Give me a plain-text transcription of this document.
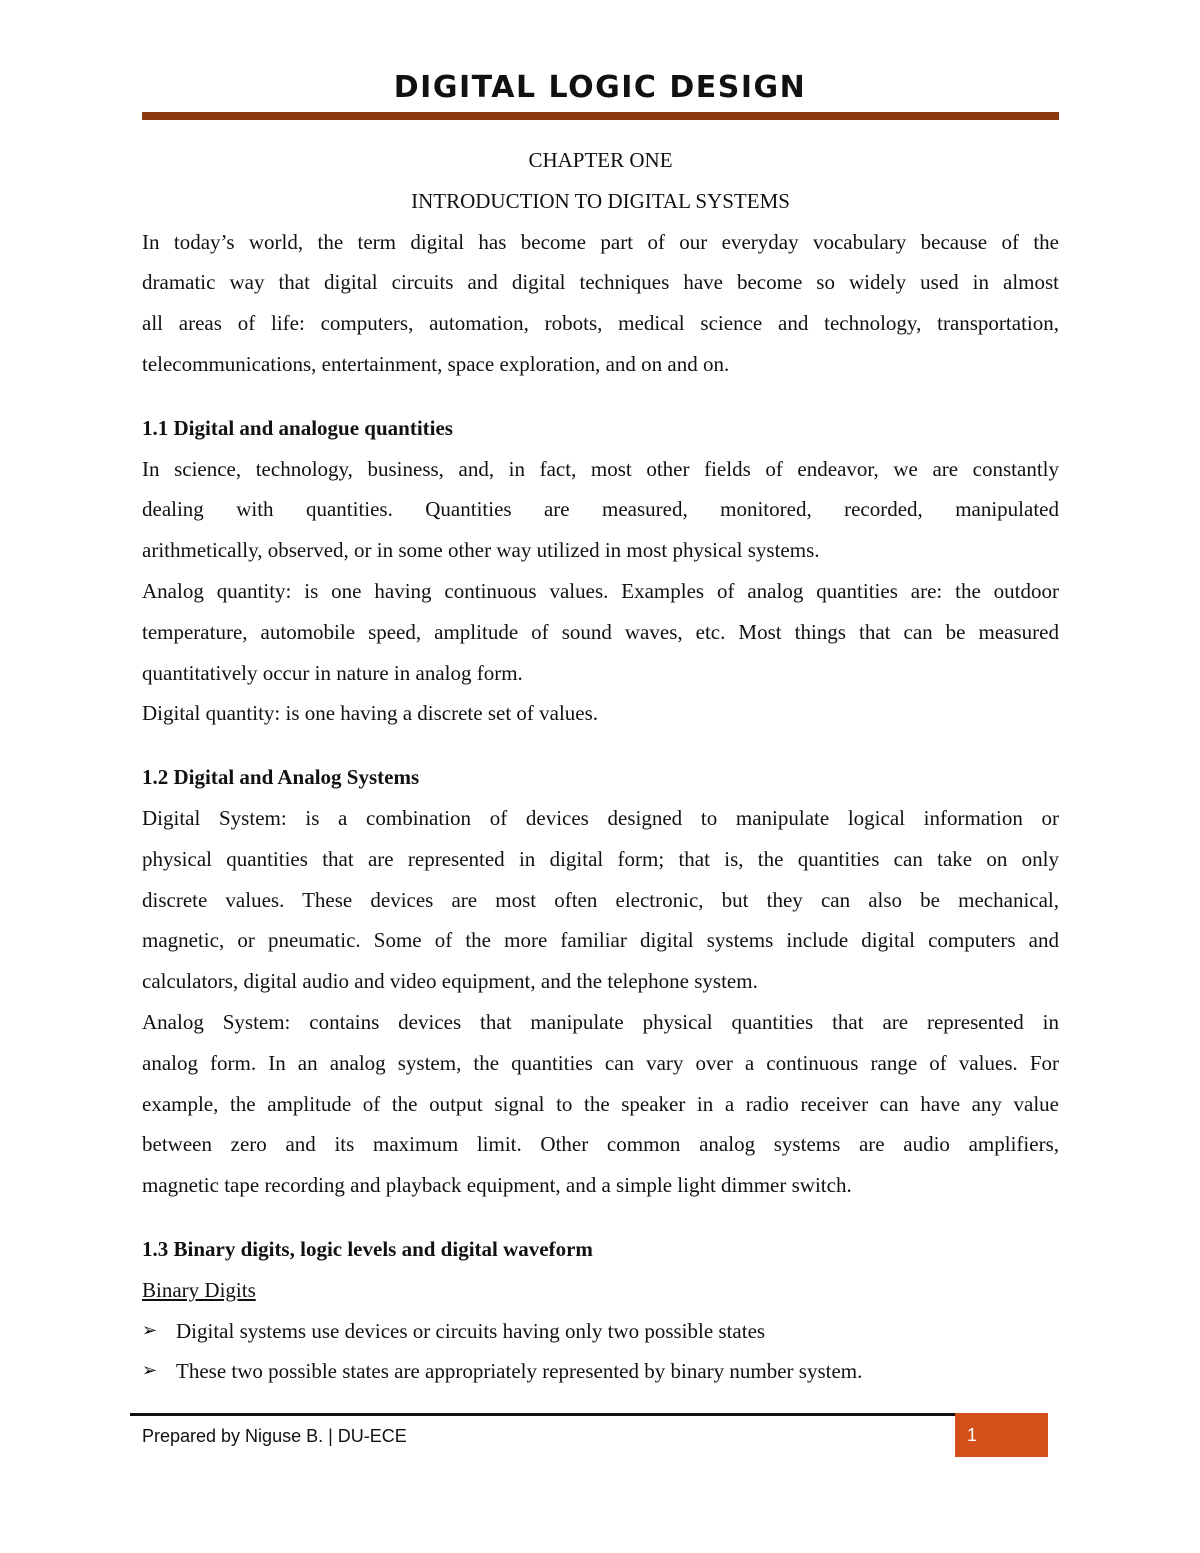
DIGITAL LOGIC DESIGN

CHAPTER ONE

INTRODUCTION TO DIGITAL SYSTEMS

In today’s world, the term digital has become part of our everyday vocabulary because of the

dramatic way that digital circuits and digital techniques have become so widely used in almost

all areas of life: computers, automation, robots, medical science and technology, transportation,

telecommunications, entertainment, space exploration, and on and on.

1.1 Digital and analogue quantities

In science, technology, business, and, in fact, most other fields of endeavor, we are constantly

dealing with quantities. Quantities are measured, monitored, recorded, manipulated

arithmetically, observed, or in some other way utilized in most physical systems.

Analog quantity: is one having continuous values. Examples of analog quantities are: the outdoor

temperature, automobile speed, amplitude of sound waves, etc. Most things that can be measured

quantitatively occur in nature in analog form.

Digital quantity: is one having a discrete set of values.

1.2 Digital and Analog Systems

Digital System: is a combination of devices designed to manipulate logical information or

physical quantities that are represented in digital form; that is, the quantities can take on only

discrete values. These devices are most often electronic, but they can also be mechanical,

magnetic, or pneumatic. Some of the more familiar digital systems include digital computers and

calculators, digital audio and video equipment, and the telephone system.

Analog System: contains devices that manipulate physical quantities that are represented in

analog form. In an analog system, the quantities can vary over a continuous range of values. For

example, the amplitude of the output signal to the speaker in a radio receiver can have any value

between zero and its maximum limit. Other common analog systems are audio amplifiers,

magnetic tape recording and playback equipment, and a simple light dimmer switch.

1.3 Binary digits, logic levels and digital waveform

Binary Digits

➢ Digital systems use devices or circuits having only two possible states
➢ These two possible states are appropriately represented by binary number system.
Prepared by Niguse B. | DU-ECE	1
